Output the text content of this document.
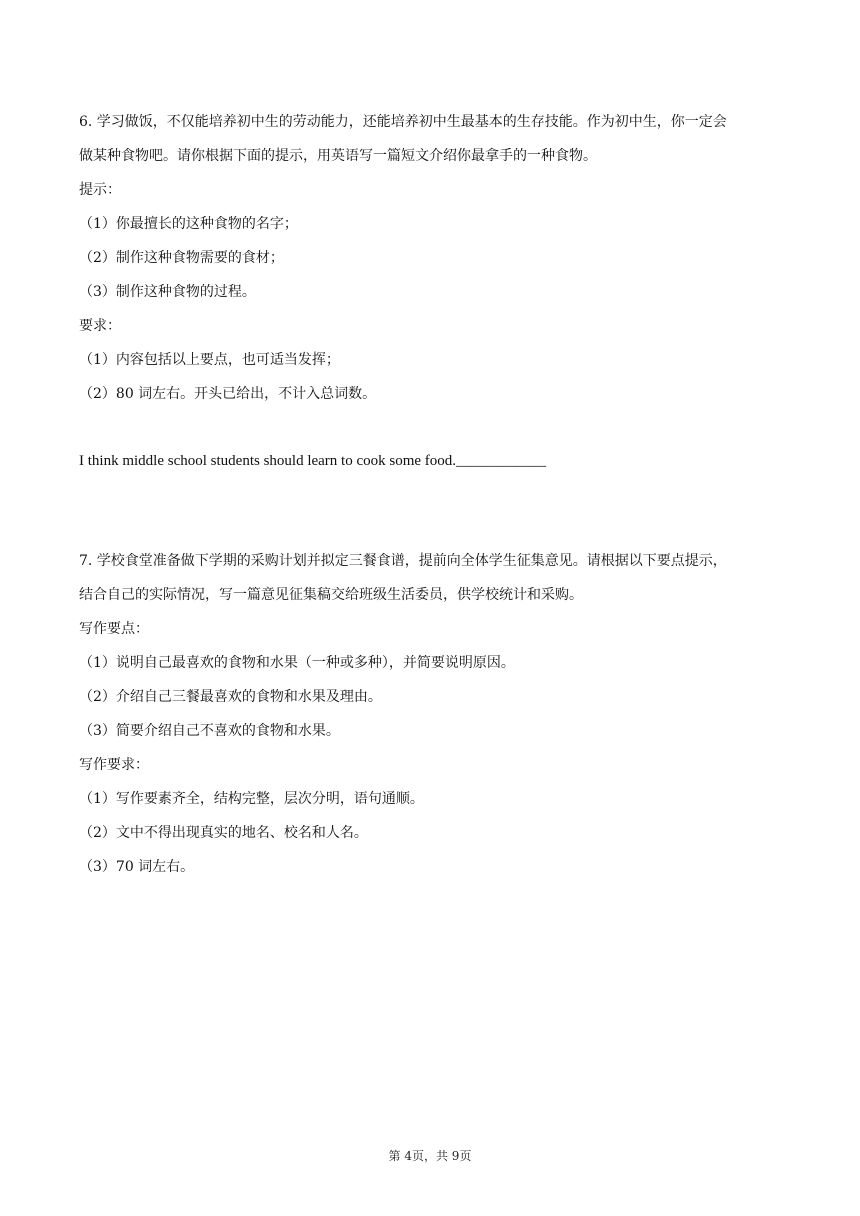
6. 学习做饭，不仅能培养初中生的劳动能力，还能培养初中生最基本的生存技能。作为初中生，你一定会
做某种食物吧。请你根据下面的提示，用英语写一篇短文介绍你最拿手的一种食物。
提示：
（1）你最擅长的这种食物的名字；
（2）制作这种食物需要的食材；
（3）制作这种食物的过程。
要求：
（1）内容包括以上要点，也可适当发挥；
（2）80 词左右。开头已给出，不计入总词数。
I think middle school students should learn to cook some food.____________
7. 学校食堂准备做下学期的采购计划并拟定三餐食谱，提前向全体学生征集意见。请根据以下要点提示，
结合自己的实际情况，写一篇意见征集稿交给班级生活委员，供学校统计和采购。
写作要点：
（1）说明自己最喜欢的食物和水果（一种或多种），并简要说明原因。
（2）介绍自己三餐最喜欢的食物和水果及理由。
（3）简要介绍自己不喜欢的食物和水果。
写作要求：
（1）写作要素齐全，结构完整，层次分明，语句通顺。
（2）文中不得出现真实的地名、校名和人名。
（3）70 词左右。
第 4页，共 9页
